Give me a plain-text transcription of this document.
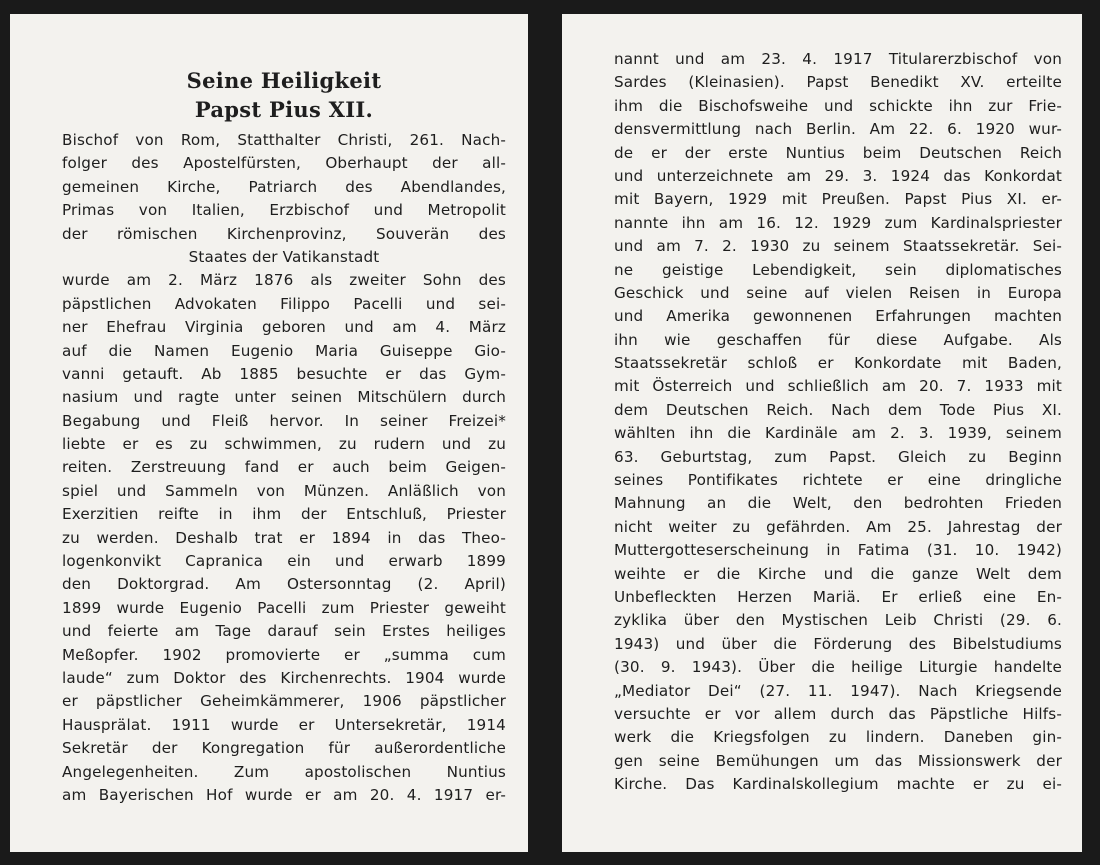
Seine Heiligkeit
Papst Pius XII.
Bischof von Rom, Statthalter Christi, 261. Nach-
folger des Apostelfürsten, Oberhaupt der all-
gemeinen Kirche, Patriarch des Abendlandes,
Primas von Italien, Erzbischof und Metropolit
der römischen Kirchenprovinz, Souverän des
Staates der Vatikanstadt
wurde am 2. März 1876 als zweiter Sohn des
päpstlichen Advokaten Filippo Pacelli und sei-
ner Ehefrau Virginia geboren und am 4. März
auf die Namen Eugenio Maria Guiseppe Gio-
vanni getauft. Ab 1885 besuchte er das Gym-
nasium und ragte unter seinen Mitschülern durch
Begabung und Fleiß hervor. In seiner Freizei*
liebte er es zu schwimmen, zu rudern und zu
reiten. Zerstreuung fand er auch beim Geigen-
spiel und Sammeln von Münzen. Anläßlich von
Exerzitien reifte in ihm der Entschluß, Priester
zu werden. Deshalb trat er 1894 in das Theo-
logenkonvikt Capranica ein und erwarb 1899
den Doktorgrad. Am Ostersonntag (2. April)
1899 wurde Eugenio Pacelli zum Priester geweiht
und feierte am Tage darauf sein Erstes heiliges
Meßopfer. 1902 promovierte er „summa cum
laude“ zum Doktor des Kirchenrechts. 1904 wurde
er päpstlicher Geheimkämmerer, 1906 päpstlicher
Hausprälat. 1911 wurde er Untersekretär, 1914
Sekretär der Kongregation für außerordentliche
Angelegenheiten. Zum apostolischen Nuntius
am Bayerischen Hof wurde er am 20. 4. 1917 er-
nannt und am 23. 4. 1917 Titularerzbischof von
Sardes (Kleinasien). Papst Benedikt XV. erteilte
ihm die Bischofsweihe und schickte ihn zur Frie-
densvermittlung nach Berlin. Am 22. 6. 1920 wur-
de er der erste Nuntius beim Deutschen Reich
und unterzeichnete am 29. 3. 1924 das Konkordat
mit Bayern, 1929 mit Preußen. Papst Pius XI. er-
nannte ihn am 16. 12. 1929 zum Kardinalspriester
und am 7. 2. 1930 zu seinem Staatssekretär. Sei-
ne geistige Lebendigkeit, sein diplomatisches
Geschick und seine auf vielen Reisen in Europa
und Amerika gewonnenen Erfahrungen machten
ihn wie geschaffen für diese Aufgabe. Als
Staatssekretär schloß er Konkordate mit Baden,
mit Österreich und schließlich am 20. 7. 1933 mit
dem Deutschen Reich. Nach dem Tode Pius XI.
wählten ihn die Kardinäle am 2. 3. 1939, seinem
63. Geburtstag, zum Papst. Gleich zu Beginn
seines Pontifikates richtete er eine dringliche
Mahnung an die Welt, den bedrohten Frieden
nicht weiter zu gefährden. Am 25. Jahrestag der
Muttergotteserscheinung in Fatima (31. 10. 1942)
weihte er die Kirche und die ganze Welt dem
Unbefleckten Herzen Mariä. Er erließ eine En-
zyklika über den Mystischen Leib Christi (29. 6.
1943) und über die Förderung des Bibelstudiums
(30. 9. 1943). Über die heilige Liturgie handelte
„Mediator Dei“ (27. 11. 1947). Nach Kriegsende
versuchte er vor allem durch das Päpstliche Hilfs-
werk die Kriegsfolgen zu lindern. Daneben gin-
gen seine Bemühungen um das Missionswerk der
Kirche. Das Kardinalskollegium machte er zu ei-
